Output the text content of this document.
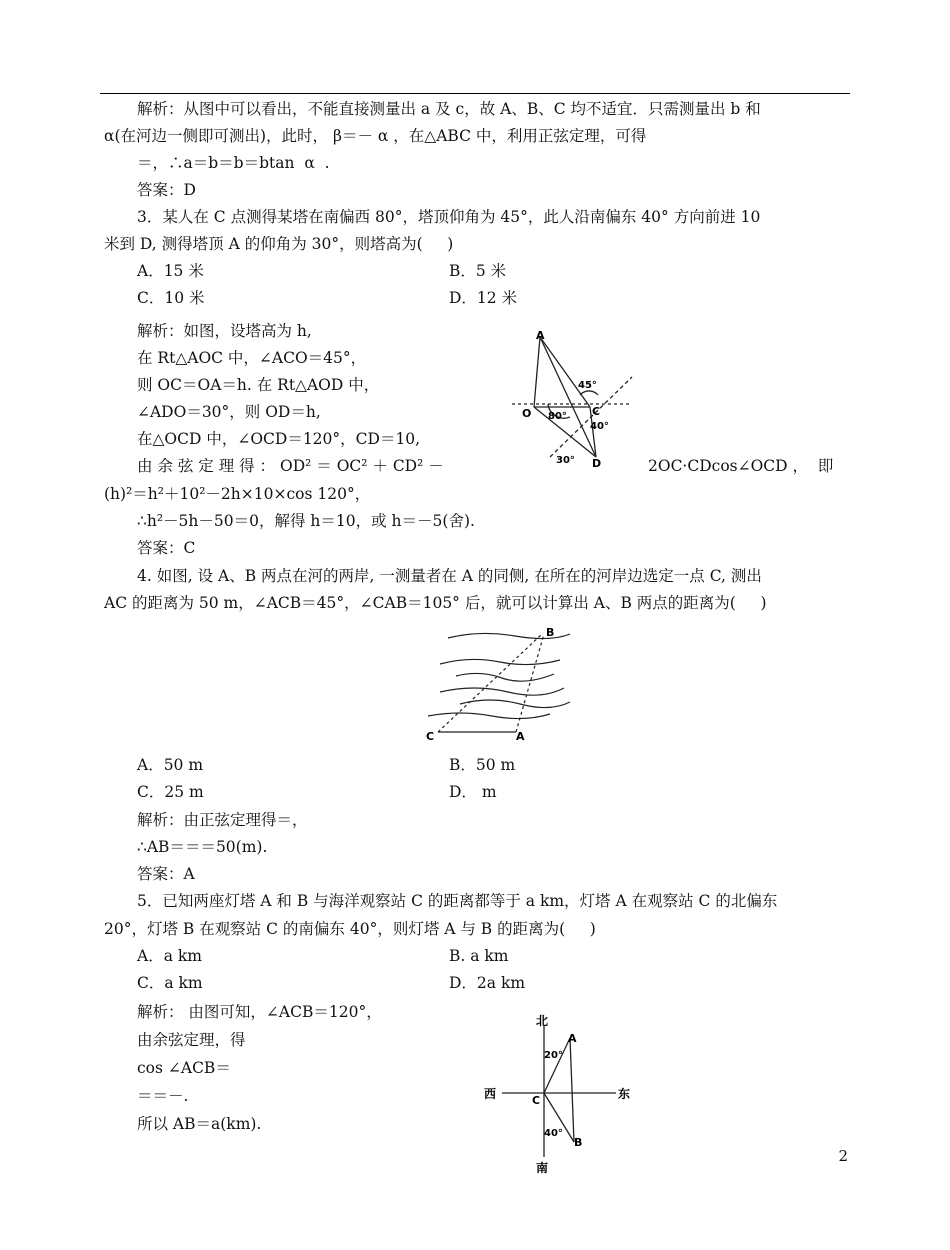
解析：从图中可以看出，不能直接测量出 a 及 c，故 A、B、C 均不适宜．只需测量出 b 和
α(在河边一侧即可测出)，此时， β＝－ α ，在△ABC 中，利用正弦定理，可得
＝，∴a＝b＝b＝btan  α  .
答案：D
3．某人在 C 点测得某塔在南偏西 80°，塔顶仰角为 45°，此人沿南偏东 40° 方向前进 10
米到 D, 测得塔顶 A 的仰角为 30°，则塔高为(     )
A．15 米	B．5 米
C．10 米	D．12 米
解析：如图，设塔高为 h,
在 Rt△AOC 中，∠ACO＝45°，
则 OC＝OA＝h. 在 Rt△AOD 中，
∠ADO＝30°，则 OD＝h,
在△OCD 中，∠OCD＝120°，CD＝10,
由 余 弦 定 理 得 ： OD² ＝ OC² ＋ CD² －	2OC·CDcos∠OCD ，  即
(h)²＝h²＋10²－2h×10×cos 120°，
∴h²－5h－50＝0，解得 h＝10，或 h＝－5(舍).
答案：C
4. 如图, 设 A、B 两点在河的两岸, 一测量者在 A 的同侧, 在所在的河岸边选定一点 C, 测出
AC 的距离为 50 m，∠ACB＝45°，∠CAB＝105° 后，就可以计算出 A、B 两点的距离为(     )
A．50 m	B．50 m
C．25 m	D． m
解析：由正弦定理得＝，
∴AB＝＝＝50(m).
答案：A
5．已知两座灯塔 A 和 B 与海洋观察站 C 的距离都等于 a km，灯塔 A 在观察站 C 的北偏东
20°，灯塔 B 在观察站 C 的南偏东 40°，则灯塔 A 与 B 的距离为(     )
A．a km	B. a km
C．a km	D．2a km
解析： 由图可知，∠ACB＝120°，
由余弦定理，得
cos ∠ACB＝
＝＝－.
所以 AB＝a(km).
2
A
O	C
D
45°
80°
40°
30°
B
C	A
北
南
西	东
A
B
C
20°
40°
